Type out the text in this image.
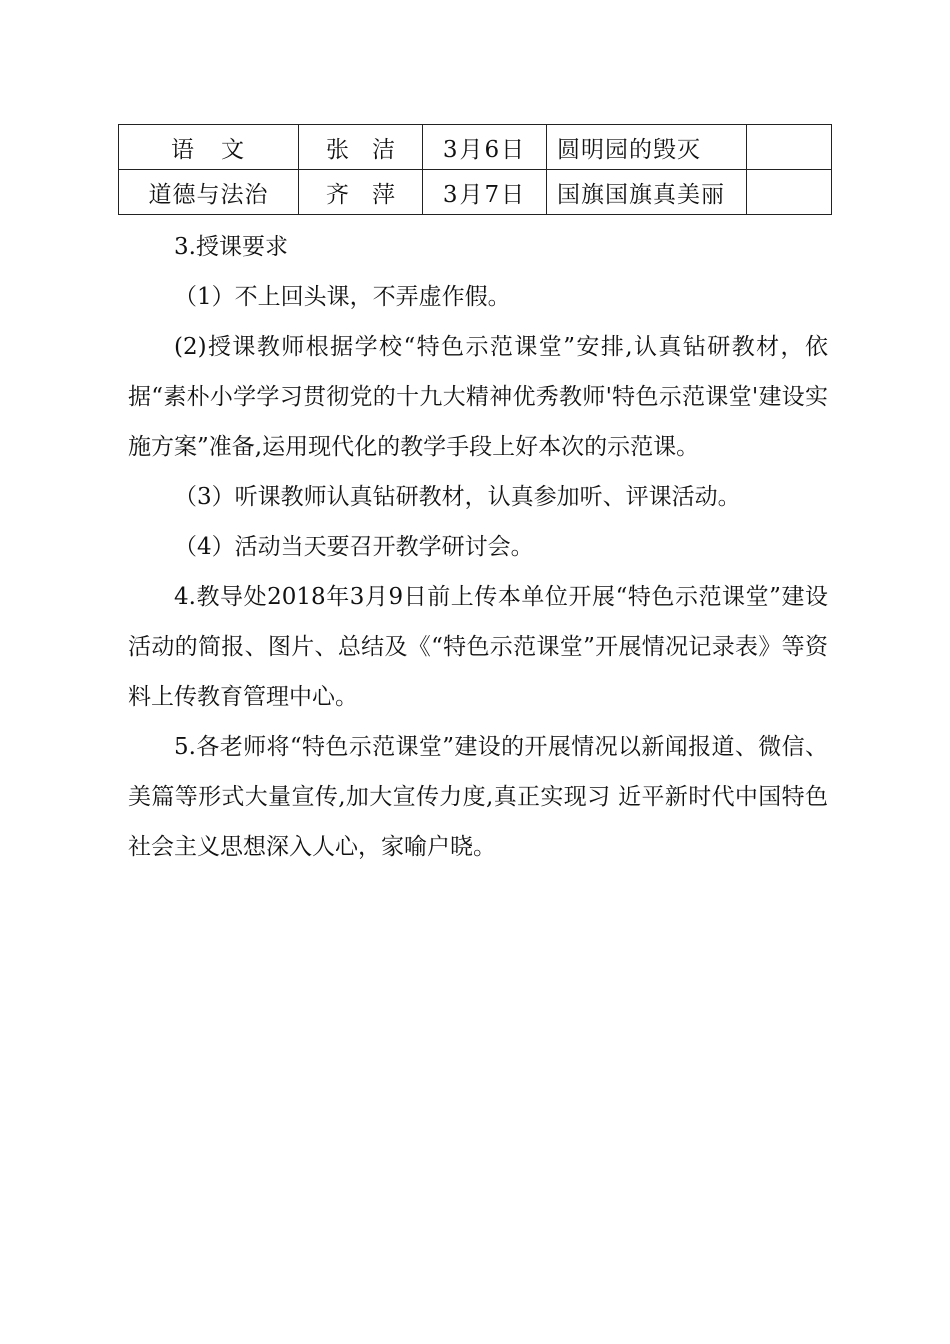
语　文	张　洁	3月6日	圆明园的毁灭	
道德与法治	齐　萍	3月7日	国旗国旗真美丽	

3.授课要求

（1）不上回头课，不弄虚作假。

(2)授课教师根据学校“特色示范课堂”安排,认真钻研教材，依据“素朴小学学习贯彻党的十九大精神优秀教师'特色示范课堂'建设实施方案”准备,运用现代化的教学手段上好本次的示范课。

（3）听课教师认真钻研教材，认真参加听、评课活动。

（4）活动当天要召开教学研讨会。

4.教导处2018年3月9日前上传本单位开展“特色示范课堂”建设活动的简报、图片、总结及《“特色示范课堂”开展情况记录表》等资料上传教育管理中心。

5.各老师将“特色示范课堂”建设的开展情况以新闻报道、微信、美篇等形式大量宣传,加大宣传力度,真正实现习 近平新时代中国特色社会主义思想深入人心，家喻户晓。
